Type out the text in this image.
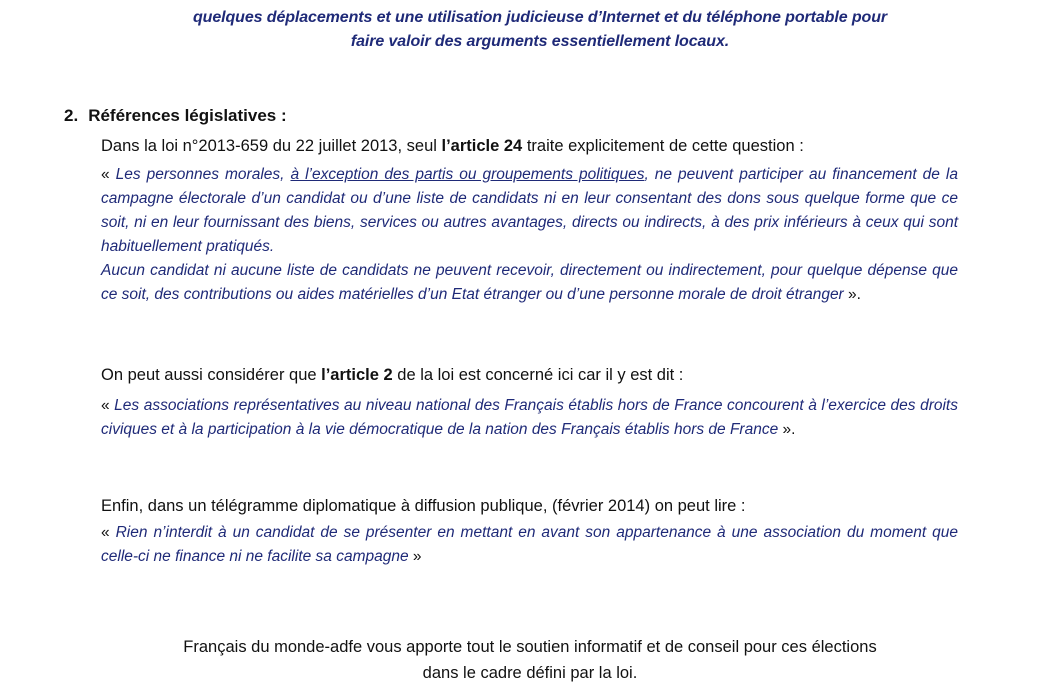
quelques déplacements et une utilisation judicieuse d’Internet et du téléphone portable pour
faire valoir des arguments essentiellement locaux.
2. Références législatives :
Dans la loi n°2013-659 du 22 juillet 2013, seul l’article 24 traite explicitement de cette question :
« Les personnes morales, à l’exception des partis ou groupements politiques, ne peuvent participer au financement de la campagne électorale d’un candidat ou d’une liste de candidats ni en leur consentant des dons sous quelque forme que ce soit, ni en leur fournissant des biens, services ou autres avantages, directs ou indirects, à des prix inférieurs à ceux qui sont habituellement pratiqués.
Aucun candidat ni aucune liste de candidats ne peuvent recevoir, directement ou indirectement, pour quelque dépense que ce soit, des contributions ou aides matérielles d’un Etat étranger ou d’une personne morale de droit étranger ».
On peut aussi considérer que l’article 2 de la loi est concerné ici car il y est dit :
« Les associations représentatives au niveau national des Français établis hors de France concourent à l’exercice des droits civiques et à la participation à la vie démocratique de la nation des Français établis hors de France ».
Enfin, dans un télégramme diplomatique à diffusion publique, (février 2014) on peut lire :
« Rien n’interdit à un candidat de se présenter en mettant en avant son appartenance à une association du moment que celle-ci ne finance ni ne facilite sa campagne »
Français du monde-adfe vous apporte tout le soutien informatif et de conseil pour ces élections
dans le cadre défini par la loi.
